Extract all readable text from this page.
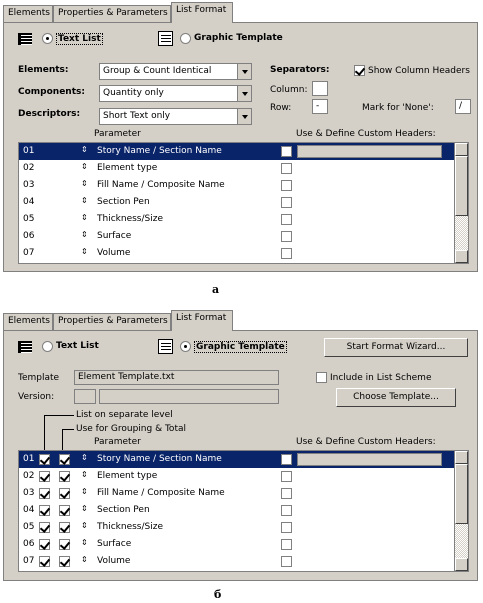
Elements Properties & Parameters List Format
Text List	Graphic Template
Elements:	Group & Count Identical
Components:	Quantity only
Descriptors:	Short Text only
Separators:	Show Column Headers
Column:
Row:	-	Mark for 'None':	/
Parameter	Use & Define Custom Headers:
01	⇕ Story Name / Section Name
02	⇕ Element type
03	⇕ Fill Name / Composite Name
04	⇕ Section Pen
05	⇕ Thickness/Size
06	⇕ Surface
07	⇕ Volume
a
Elements Properties & Parameters List Format
Text List	Graphic Template	Start Format Wizard...
Template	Element Template.txt	Include in List Scheme
Version:	Choose Template...
List on separate level
Use for Grouping & Total
Parameter	Use & Define Custom Headers:
01	⇕ Story Name / Section Name
02	⇕ Element type
03	⇕ Fill Name / Composite Name
04	⇕ Section Pen
05	⇕ Thickness/Size
06	⇕ Surface
07	⇕ Volume
б
